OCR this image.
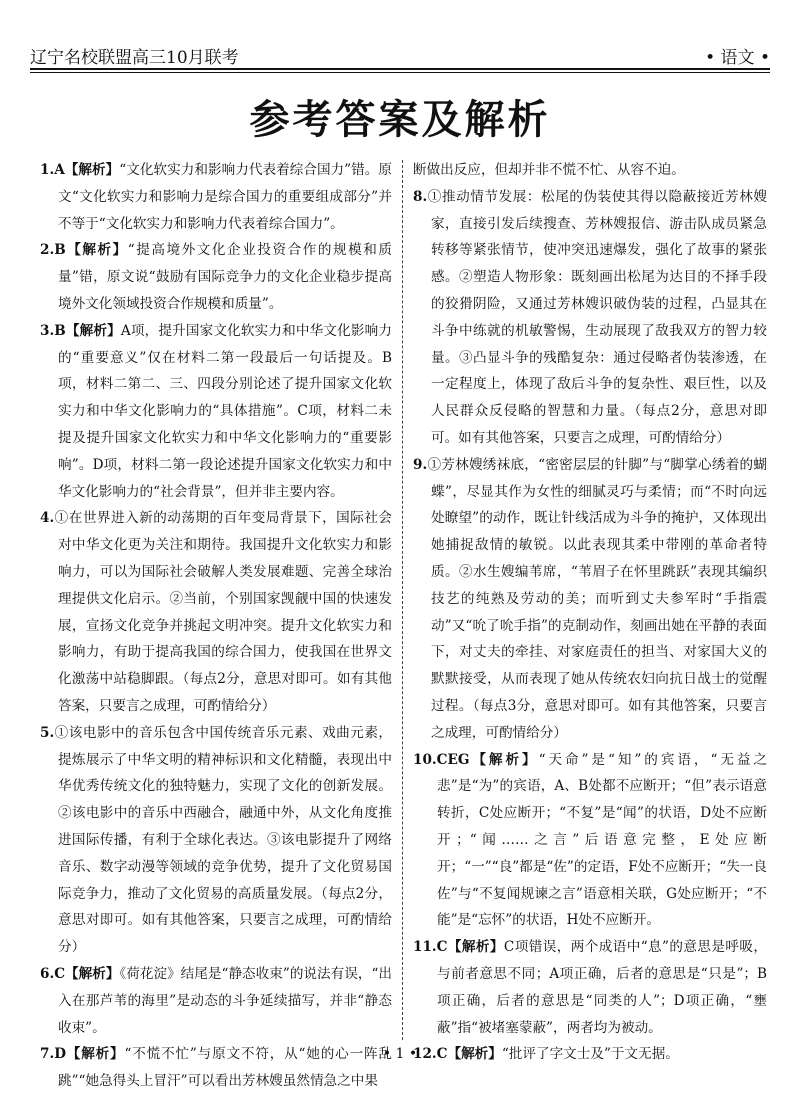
辽宁名校联盟高三10月联考	• 语文 •
参考答案及解析

1.A【解析】“文化软实力和影响力代表着综合国力”错。原文“文化软实力和影响力是综合国力的重要组成部分”并不等于“文化软实力和影响力代表着综合国力”。

2.B【解析】“提高境外文化企业投资合作的规模和质量”错，原文说“鼓励有国际竞争力的文化企业稳步提高境外文化领域投资合作规模和质量”。

3.B【解析】A项，提升国家文化软实力和中华文化影响力的“重要意义”仅在材料二第一段最后一句话提及。B项，材料二第二、三、四段分别论述了提升国家文化软实力和中华文化影响力的“具体措施”。C项，材料二未提及提升国家文化软实力和中华文化影响力的“重要影响”。D项，材料二第一段论述提升国家文化软实力和中华文化影响力的“社会背景”，但并非主要内容。

4.①在世界进入新的动荡期的百年变局背景下，国际社会对中华文化更为关注和期待。我国提升文化软实力和影响力，可以为国际社会破解人类发展难题、完善全球治理提供文化启示。②当前，个别国家觊觎中国的快速发展，宣扬文化竞争并挑起文明冲突。提升文化软实力和影响力，有助于提高我国的综合国力，使我国在世界文化激荡中站稳脚跟。（每点2分，意思对即可。如有其他答案，只要言之成理，可酌情给分）

5.①该电影中的音乐包含中国传统音乐元素、戏曲元素，提炼展示了中华文明的精神标识和文化精髓，表现出中华优秀传统文化的独特魅力，实现了文化的创新发展。②该电影中的音乐中西融合，融通中外，从文化角度推进国际传播，有利于全球化表达。③该电影提升了网络音乐、数字动漫等领域的竞争优势，提升了文化贸易国际竞争力，推动了文化贸易的高质量发展。（每点2分，意思对即可。如有其他答案，只要言之成理，可酌情给分）

6.C【解析】《荷花淀》结尾是“静态收束”的说法有误，“出入在那芦苇的海里”是动态的斗争延续描写，并非“静态收束”。

7.D【解析】“不慌不忙”与原文不符，从“她的心一阵乱跳”“她急得头上冒汗”可以看出芳林嫂虽然情急之中果

断做出反应，但却并非不慌不忙、从容不迫。

8.①推动情节发展：松尾的伪装使其得以隐蔽接近芳林嫂家，直接引发后续搜查、芳林嫂报信、游击队成员紧急转移等紧张情节，使冲突迅速爆发，强化了故事的紧张感。②塑造人物形象：既刻画出松尾为达目的不择手段的狡猾阴险，又通过芳林嫂识破伪装的过程，凸显其在斗争中练就的机敏警惕，生动展现了敌我双方的智力较量。③凸显斗争的残酷复杂：通过侵略者伪装渗透，在一定程度上，体现了敌后斗争的复杂性、艰巨性，以及人民群众反侵略的智慧和力量。（每点2分，意思对即可。如有其他答案，只要言之成理，可酌情给分）

9.①芳林嫂绣袜底，“密密层层的针脚”与“脚掌心绣着的蝴蝶”，尽显其作为女性的细腻灵巧与柔情；而“不时向远处瞭望”的动作，既让针线活成为斗争的掩护，又体现出她捕捉敌情的敏锐。以此表现其柔中带刚的革命者特质。②水生嫂编苇席，“苇眉子在怀里跳跃”表现其编织技艺的纯熟及劳动的美；而听到丈夫参军时“手指震动”又“吮了吮手指”的克制动作，刻画出她在平静的表面下，对丈夫的牵挂、对家庭责任的担当、对家国大义的默默接受，从而表现了她从传统农妇向抗日战士的觉醒过程。（每点3分，意思对即可。如有其他答案，只要言之成理，可酌情给分）

10.CEG【解析】“天命”是“知”的宾语，“无益之悲”是“为”的宾语，A、B处都不应断开；“但”表示语意转折，C处应断开；“不复”是“闻”的状语，D处不应断开；“闻……之言”后语意完整，E处应断开；“一”“良”都是“佐”的定语，F处不应断开；“失一良佐”与“不复闻规谏之言”语意相关联，G处应断开；“不能”是“忘怀”的状语，H处不应断开。

11.C【解析】C项错误，两个成语中“息”的意思是呼吸，与前者意思不同；A项正确，后者的意思是“只是”；B项正确，后者的意思是“同类的人”；D项正确，“壅蔽”指“被堵塞蒙蔽”，两者均为被动。

12.C【解析】“批评了字文士及”于文无据。

• 1 •
